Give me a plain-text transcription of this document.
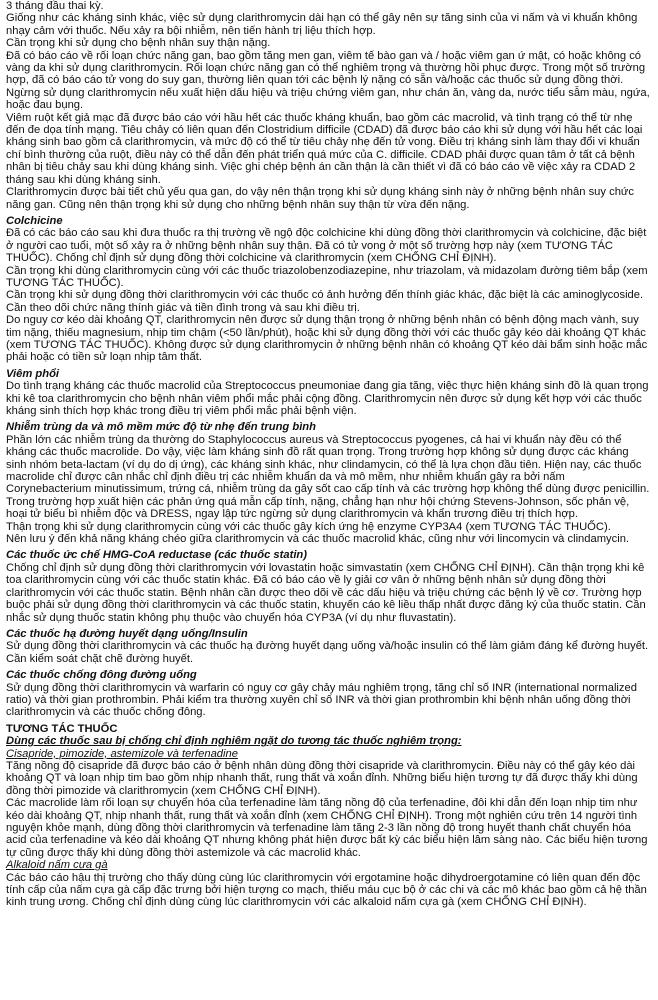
3 tháng đầu thai kỳ.

Giống như các kháng sinh khác, việc sử dụng clarithromycin dài hạn có thể gây nên sự tăng sinh của vi nấm và vi khuẩn không nhạy cảm với thuốc. Nếu xảy ra bội nhiễm, nên tiến hành trị liệu thích hợp.

Cần trọng khi sử dụng cho bệnh nhân suy thận nặng.

Đã có báo cáo về rối loạn chức năng gan, bao gồm tăng men gan, viêm tế bào gan và / hoặc viêm gan ứ mật, có hoặc không có vàng da khi sử dụng clarithromycin. Rối loạn chức năng gan có thể nghiêm trọng và thường hồi phục được. Trong một số trường hợp, đã có báo cáo tử vong do suy gan, thường liên quan tới các bệnh lý nặng có sẵn và/hoặc các thuốc sử dụng đồng thời. Ngừng sử dụng clarithromycin nếu xuất hiện dấu hiệu và triệu chứng viêm gan, như chán ăn, vàng da, nước tiểu sẫm màu, ngứa, hoặc đau bụng.

Viêm ruột kết giả mạc đã được báo cáo với hầu hết các thuốc kháng khuẩn, bao gồm các macrolid, và tình trạng có thể từ nhẹ đến đe dọa tính mạng. Tiêu chảy có liên quan đến Clostridium difficile (CDAD) đã được báo cáo khi sử dụng với hầu hết các loại kháng sinh bao gồm cả clarithromycin, và mức độ có thể từ tiêu chảy nhẹ đến tử vong. Điều trị kháng sinh làm thay đổi vi khuẩn chí bình thường của ruột, điều này có thể dẫn đến phát triển quá mức của C. difficile. CDAD phải được quan tâm ở tất cả bệnh nhân bị tiêu chảy sau khi dùng kháng sinh. Việc ghi chép bệnh án cần thận là cần thiết vì đã có báo cáo về việc xảy ra CDAD 2 tháng sau khi dùng kháng sinh.

Clarithromycin được bài tiết chủ yếu qua gan, do vậy nên thận trọng khi sử dụng kháng sinh này ở những bệnh nhân suy chức năng gan. Cũng nên thận trọng khi sử dụng cho những bệnh nhân suy thận từ vừa đến nặng.

Colchicine

Đã có các báo cáo sau khi đưa thuốc ra thị trường về ngộ độc colchicine khi dùng đồng thời clarithromycin và colchicine, đặc biệt ở người cao tuổi, một số xảy ra ở những bệnh nhân suy thận. Đã có tử vong ở một số trường hợp này (xem TƯƠNG TÁC THUỐC). Chống chỉ định sử dụng đồng thời colchicine và clarithromycin (xem CHỐNG CHỈ ĐỊNH).

Cần trọng khi dùng clarithromycin cùng với các thuốc triazolobenzodiazepine, như triazolam, và midazolam đường tiêm bắp (xem TƯƠNG TÁC THUỐC).

Cần trọng khi sử dụng đồng thời clarithromycin với các thuốc có ảnh hưởng đến thính giác khác, đặc biệt là các aminoglycoside. Cần theo dõi chức năng thính giác và tiền đình trong và sau khi điều trị.

Do nguy cơ kéo dài khoảng QT, clarithromycin nên được sử dụng thận trọng ở những bệnh nhân có bệnh động mạch vành, suy tim nặng, thiếu magnesium, nhịp tim chậm (<50 lần/phút), hoặc khi sử dụng đồng thời với các thuốc gây kéo dài khoảng QT khác (xem TƯƠNG TÁC THUỐC). Không được sử dụng clarithromycin ở những bệnh nhân có khoảng QT kéo dài bẩm sinh hoặc mắc phải hoặc có tiền sử loạn nhịp tâm thất.

Viêm phổi

Do tình trạng kháng các thuốc macrolid của Streptococcus pneumoniae đang gia tăng, việc thực hiện kháng sinh đồ là quan trọng khi kê toa clarithromycin cho bệnh nhân viêm phổi mắc phải cộng đồng. Clarithromycin nên được sử dụng kết hợp với các thuốc kháng sinh thích hợp khác trong điều trị viêm phổi mắc phải bệnh viện.

Nhiễm trùng da và mô mềm mức độ từ nhẹ đến trung bình

Phần lớn các nhiễm trùng da thường do Staphylococcus aureus và Streptococcus pyogenes, cả hai vi khuẩn này đều có thể kháng các thuốc macrolide. Do vậy, việc làm kháng sinh đồ rất quan trọng. Trong trường hợp không sử dụng được các kháng sinh nhóm beta-lactam (ví dụ do dị ứng), các kháng sinh khác, như clindamycin, có thể là lựa chọn đầu tiên. Hiện nay, các thuốc macrolide chỉ được cân nhắc chỉ định điều trị các nhiễm khuẩn da và mô mềm, như nhiễm khuẩn gây ra bởi nấm Corynebacterium minutissimum, trứng cá, nhiễm trùng da gây sốt cao cấp tính và các trường hợp không thể dùng được penicillin.

Trong trường hợp xuất hiện các phản ứng quá mẫn cấp tính, nặng, chẳng hạn như hội chứng Stevens-Johnson, sốc phản vệ, hoại tử biểu bì nhiễm độc và DRESS, ngay lập tức ngừng sử dụng clarithromycin và khẩn trương điều trị thích hợp.

Thận trọng khi sử dụng clarithromycin cùng với các thuốc gây kích ứng hệ enzyme CYP3A4 (xem TƯƠNG TÁC THUỐC).

Nên lưu ý đến khả năng kháng chéo giữa clarithromycin và các thuốc macrolid khác, cũng như với lincomycin và clindamycin.

Các thuốc ức chế HMG-CoA reductase (các thuốc statin)

Chống chỉ định sử dụng đồng thời clarithromycin với lovastatin hoặc simvastatin (xem CHỐNG CHỈ ĐỊNH). Cần thận trọng khi kê toa clarithromycin cùng với các thuốc statin khác. Đã có báo cáo về ly giải cơ vân ở những bệnh nhân sử dụng đồng thời clarithromycin với các thuốc statin. Bệnh nhân cần được theo dõi về các dấu hiệu và triệu chứng các bệnh lý về cơ. Trường hợp buộc phải sử dụng đồng thời clarithromycin và các thuốc statin, khuyến cáo kê liều thấp nhất được đăng ký của thuốc statin. Cần nhắc sử dụng thuốc statin không phụ thuộc vào chuyển hóa CYP3A (ví dụ như fluvastatin).

Các thuốc hạ đường huyết dạng uống/Insulin

Sử dụng đồng thời clarithromycin và các thuốc hạ đường huyết dạng uống và/hoặc insulin có thể làm giảm đáng kể đường huyết. Cần kiểm soát chặt chẽ đường huyết.

Các thuốc chống đông đường uống

Sử dụng đồng thời clarithromycin và warfarin có nguy cơ gây chảy máu nghiêm trọng, tăng chỉ số INR (international normalized ratio) và thời gian prothrombin. Phải kiểm tra thường xuyên chỉ số INR và thời gian prothrombin khi bệnh nhân uống đồng thời clarithromycin và các thuốc chống đông.

TƯƠNG TÁC THUỐC
Dùng các thuốc sau bị chống chỉ định nghiêm ngặt do tương tác thuốc nghiêm trọng:
Cisapride, pimozide, astemizole và terfenadine

Tăng nồng độ cisapride đã được báo cáo ở bệnh nhân dùng đồng thời cisapride và clarithromycin. Điều này có thể gây kéo dài khoảng QT và loạn nhịp tim bao gồm nhịp nhanh thất, rung thất và xoắn đỉnh. Những biểu hiện tương tự đã được thấy khi dùng đồng thời pimozide và clarithromycin (xem CHỐNG CHỈ ĐỊNH).

Các macrolide làm rối loạn sự chuyển hóa của terfenadine làm tăng nồng độ của terfenadine, đôi khi dẫn đến loạn nhịp tim như kéo dài khoảng QT, nhịp nhanh thất, rung thất và xoắn đỉnh (xem CHỐNG CHỈ ĐỊNH). Trong một nghiên cứu trên 14 người tình nguyện khỏe mạnh, dùng đồng thời clarithromycin và terfenadine làm tăng 2-3 lần nồng độ trong huyết thanh chất chuyển hóa acid của terfenadine và kéo dài khoảng QT nhưng không phát hiện được bất kỳ các biểu hiện lâm sàng nào. Các biểu hiện tương tự cũng được thấy khi dùng đồng thời astemizole và các macrolid khác.

Alkaloid nấm cựa gà

Các báo cáo hậu thị trường cho thấy dùng cùng lúc clarithromycin với ergotamine hoặc dihydroergotamine có liên quan đến độc tính cấp của nấm cựa gà cấp đặc trưng bởi hiện tượng co mạch, thiếu máu cục bộ ở các chi và các mô khác bao gồm cả hệ thần kinh trung ương. Chống chỉ định dùng cùng lúc clarithromycin với các alkaloid nấm cựa gà (xem CHỐNG CHỈ ĐỊNH).
